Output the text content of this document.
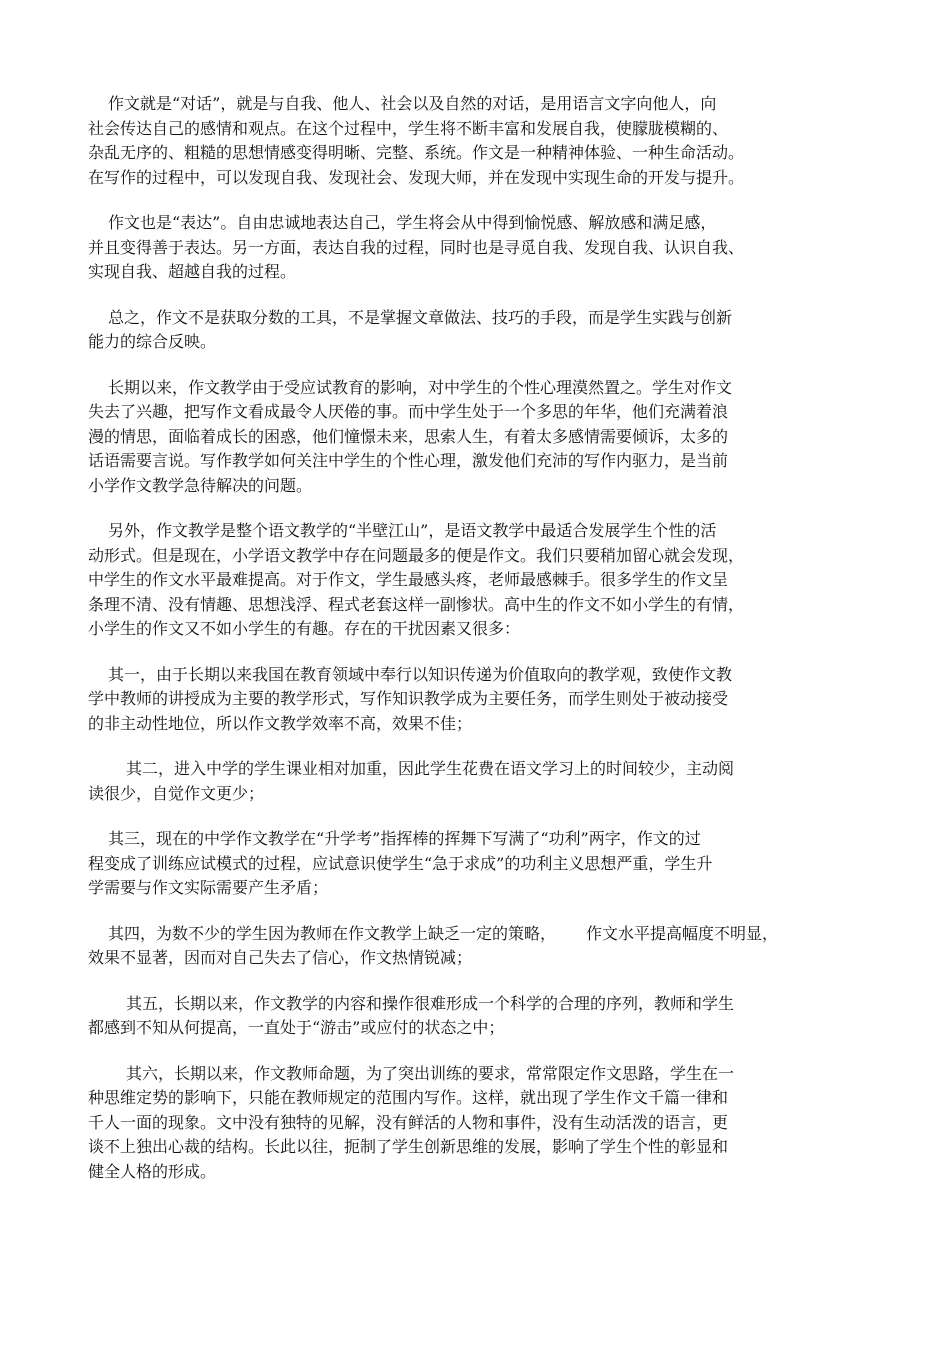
作文就是“对话”，就是与自我、他人、社会以及自然的对话，是用语言文字向他人，向
社会传达自己的感情和观点。在这个过程中，学生将不断丰富和发展自我，使朦胧模糊的、
杂乱无序的、粗糙的思想情感变得明晰、完整、系统。作文是一种精神体验、一种生命活动。
在写作的过程中，可以发现自我、发现社会、发现大师，并在发现中实现生命的开发与提升。

作文也是“表达”。自由忠诚地表达自己，学生将会从中得到愉悦感、解放感和满足感，
并且变得善于表达。另一方面，表达自我的过程，同时也是寻觅自我、发现自我、认识自我、
实现自我、超越自我的过程。

总之，作文不是获取分数的工具，不是掌握文章做法、技巧的手段，而是学生实践与创新
能力的综合反映。

长期以来，作文教学由于受应试教育的影响，对中学生的个性心理漠然置之。学生对作文
失去了兴趣，把写作文看成最令人厌倦的事。而中学生处于一个多思的年华，他们充满着浪
漫的情思，面临着成长的困惑，他们憧憬未来，思索人生，有着太多感情需要倾诉，太多的
话语需要言说。写作教学如何关注中学生的个性心理，激发他们充沛的写作内驱力，是当前
小学作文教学急待解决的问题。

另外，作文教学是整个语文教学的“半壁江山”，是语文教学中最适合发展学生个性的活
动形式。但是现在，小学语文教学中存在问题最多的便是作文。我们只要稍加留心就会发现，
中学生的作文水平最难提高。对于作文，学生最感头疼，老师最感棘手。很多学生的作文呈
条理不清、没有情趣、思想浅浮、程式老套这样一副惨状。高中生的作文不如小学生的有情，
小学生的作文又不如小学生的有趣。存在的干扰因素又很多：

其一，由于长期以来我国在教育领域中奉行以知识传递为价值取向的教学观，致使作文教
学中教师的讲授成为主要的教学形式，写作知识教学成为主要任务，而学生则处于被动接受
的非主动性地位，所以作文教学效率不高，效果不佳；

其二，进入中学的学生课业相对加重，因此学生花费在语文学习上的时间较少，主动阅
读很少，自觉作文更少；

其三，现在的中学作文教学在“升学考”指挥棒的挥舞下写满了“功利”两字，作文的过
程变成了训练应试模式的过程，应试意识使学生“急于求成”的功利主义思想严重，学生升
学需要与作文实际需要产生矛盾；

其四，为数不少的学生因为教师在作文教学上缺乏一定的策略， 作文水平提高幅度不明显，
效果不显著，因而对自己失去了信心，作文热情锐减；

其五，长期以来，作文教学的内容和操作很难形成一个科学的合理的序列，教师和学生
都感到不知从何提高，一直处于“游击”或应付的状态之中；

其六，长期以来，作文教师命题，为了突出训练的要求，常常限定作文思路，学生在一
种思维定势的影响下，只能在教师规定的范围内写作。这样，就出现了学生作文千篇一律和
千人一面的现象。文中没有独特的见解，没有鲜活的人物和事件，没有生动活泼的语言，更
谈不上独出心裁的结构。长此以往，扼制了学生创新思维的发展，影响了学生个性的彰显和
健全人格的形成。
